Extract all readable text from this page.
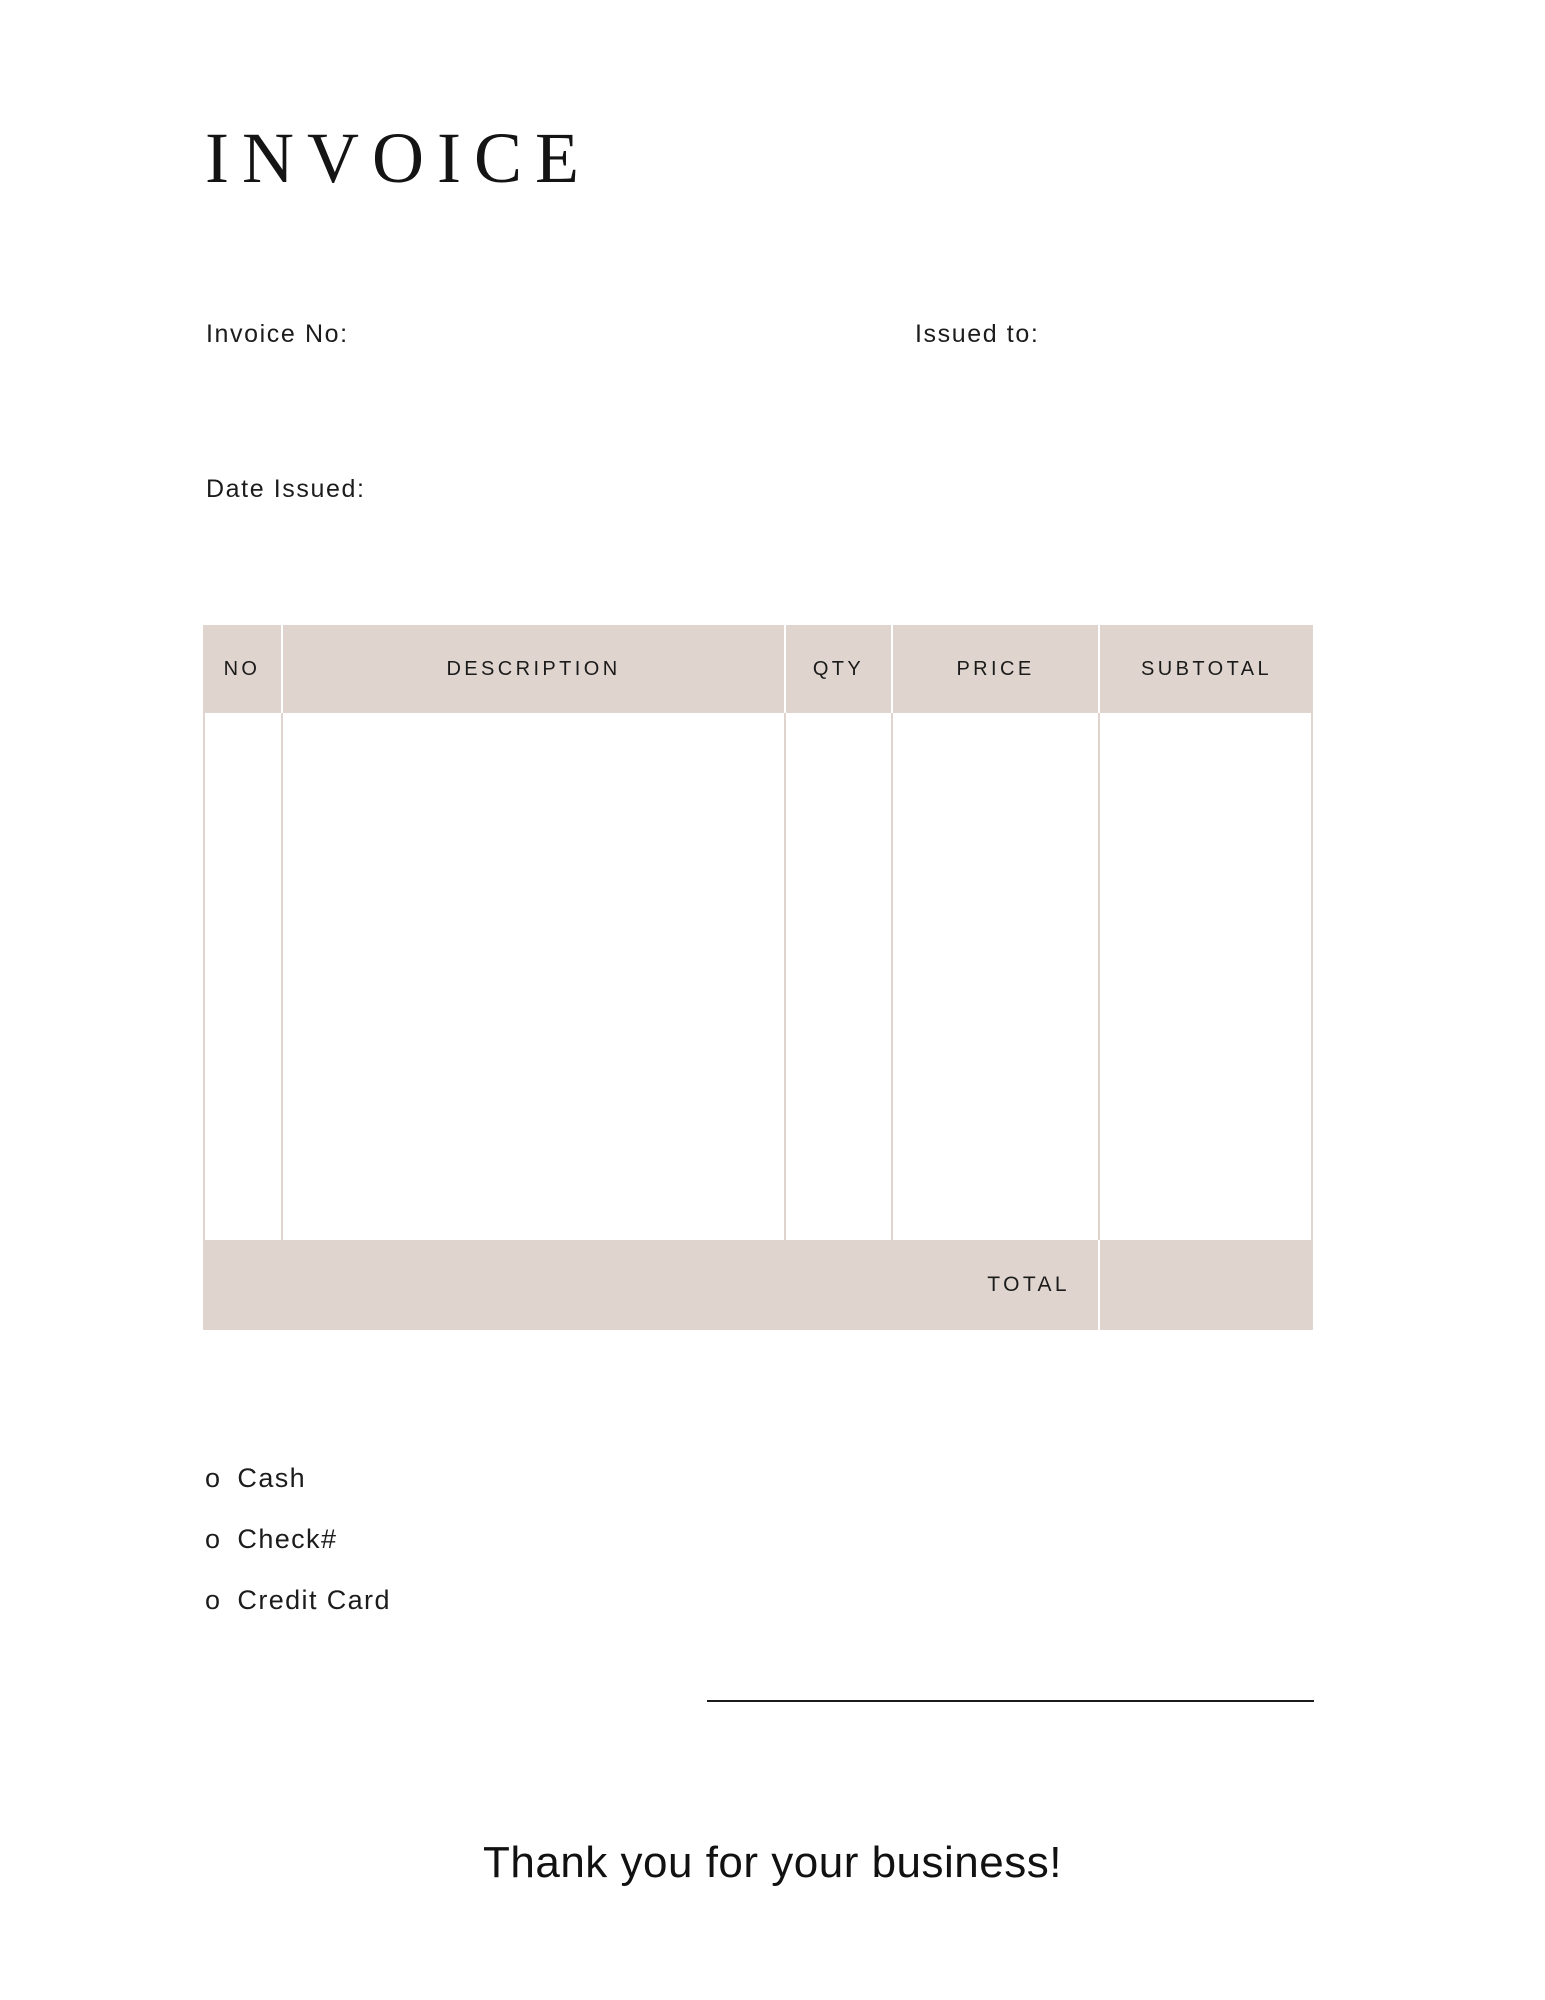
INVOICE
Invoice No:	Issued to:
Date Issued:
NO	DESCRIPTION	QTY	PRICE	SUBTOTAL
TOTAL
o Cash
o Check#
o Credit Card
Thank you for your business!
